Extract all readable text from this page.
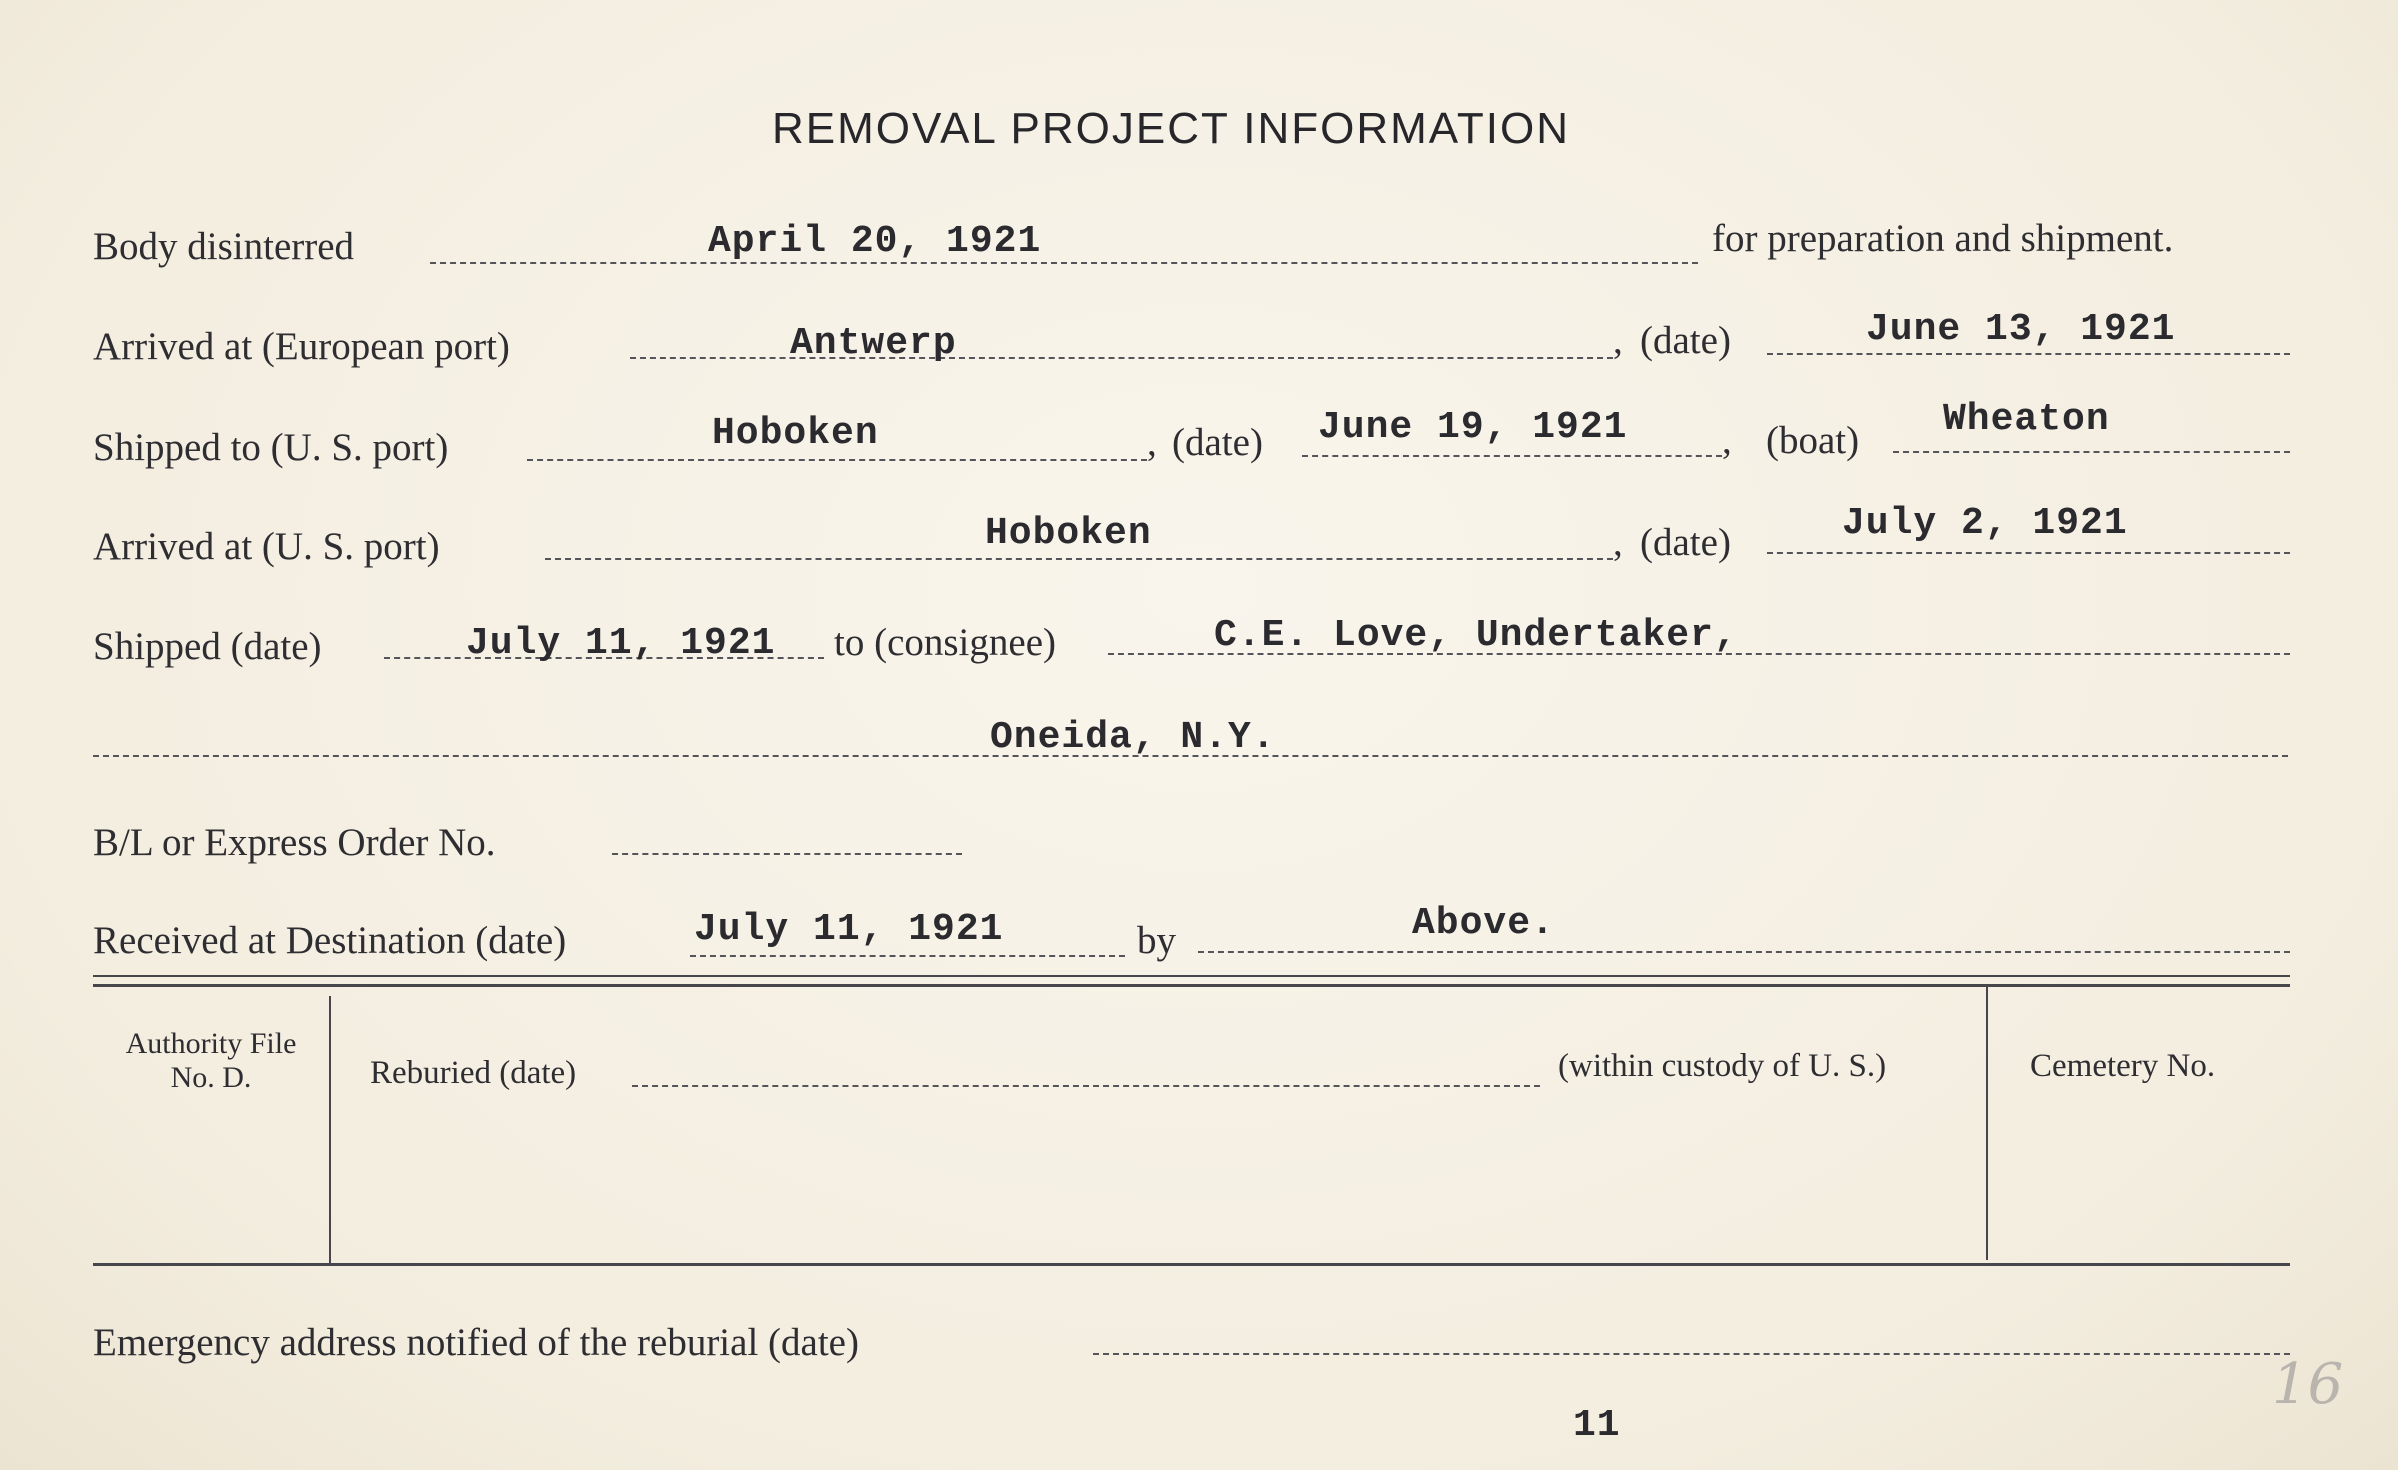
REMOVAL PROJECT INFORMATION
Body disinterred	April 20, 1921	for preparation and shipment.
Arrived at (European port)	Antwerp	, (date)	June 13, 1921
Shipped to (U. S. port)	Hoboken	, (date) June 19, 1921 , (boat) Wheaton
Arrived at (U. S. port)	Hoboken	, (date)	July 2, 1921
Shipped (date)	July 11, 1921 to (consignee)	C.E. Love, Undertaker,
Oneida, N.Y.
B/L or Express Order No.
Received at Destination (date)	July 11, 1921	by	Above.
Authority File No. D.	Reburied (date)	(within custody of U. S.)	Cemetery No.
Emergency address notified of the reburial (date)
11
16
